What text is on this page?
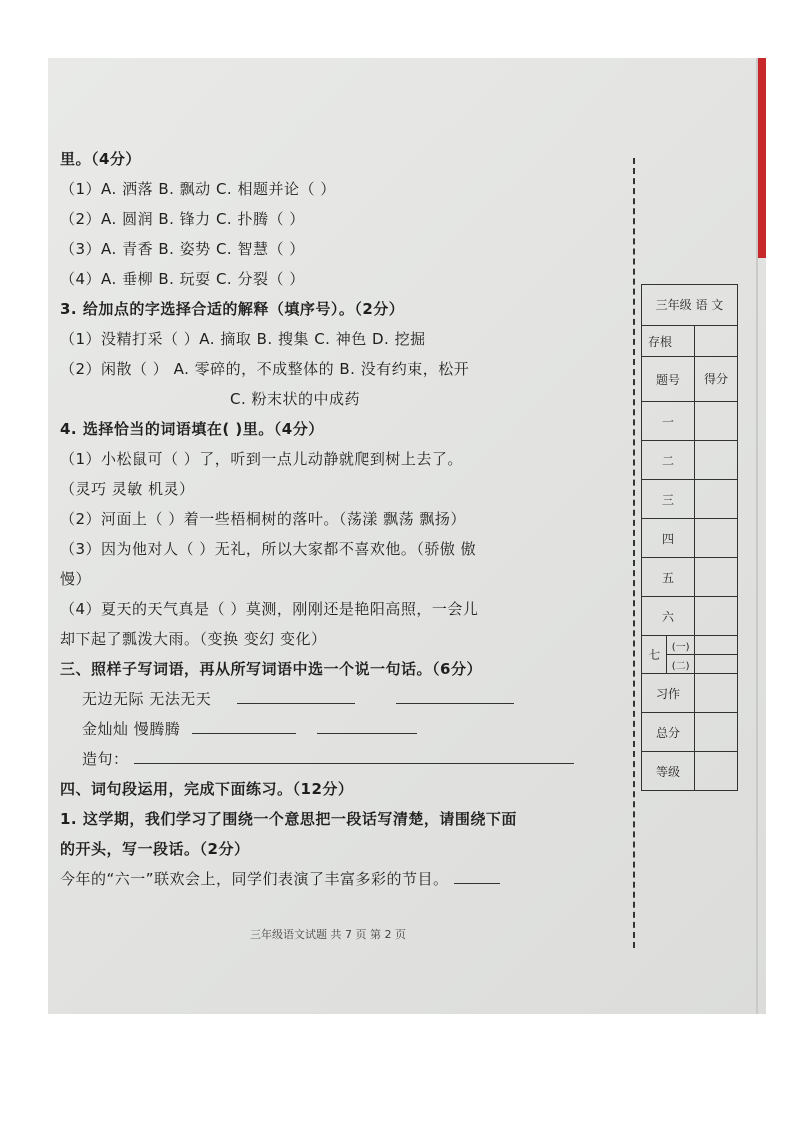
里。（4分）
（1）A. 洒落 B. 飘动 C. 相题并论（ ）
（2）A. 圆润 B. 锋力 C. 扑腾（ ）
（3）A. 青香 B. 姿势 C. 智慧（ ）
（4）A. 垂柳 B. 玩耍 C. 分裂（ ）
3. 给加点的字选择合适的解释（填序号）。（2分）
（1）没精打采（ ）A. 摘取 B. 搜集 C. 神色 D. 挖掘
（2）闲散（ ） A. 零碎的，不成整体的 B. 没有约束，松开
C. 粉末状的中成药
4. 选择恰当的词语填在( )里。（4分）
（1）小松鼠可（ ）了，听到一点儿动静就爬到树上去了。
（灵巧 灵敏 机灵）
（2）河面上（ ）着一些梧桐树的落叶。（荡漾 飘荡 飘扬）
（3）因为他对人（ ）无礼，所以大家都不喜欢他。（骄傲 傲
慢）
（4）夏天的天气真是（ ）莫测，刚刚还是艳阳高照，一会儿
却下起了瓢泼大雨。（变换 变幻 变化）
三、照样子写词语，再从所写词语中选一个说一句话。（6分）
无边无际 无法无天
金灿灿 慢腾腾
造句：
四、词句段运用，完成下面练习。（12分）
1. 这学期，我们学习了围绕一个意思把一段话写清楚，请围绕下面
的开头，写一段话。（2分）
今年的“六一”联欢会上，同学们表演了丰富多彩的节目。
三年级语文试题 共 7 页 第 2 页
三年级 语 文		
存根		
题号		得分
一		
二		
三		
四		
五		
六		
七	(一)	
	(二)	
习作		
总分		
等级		
